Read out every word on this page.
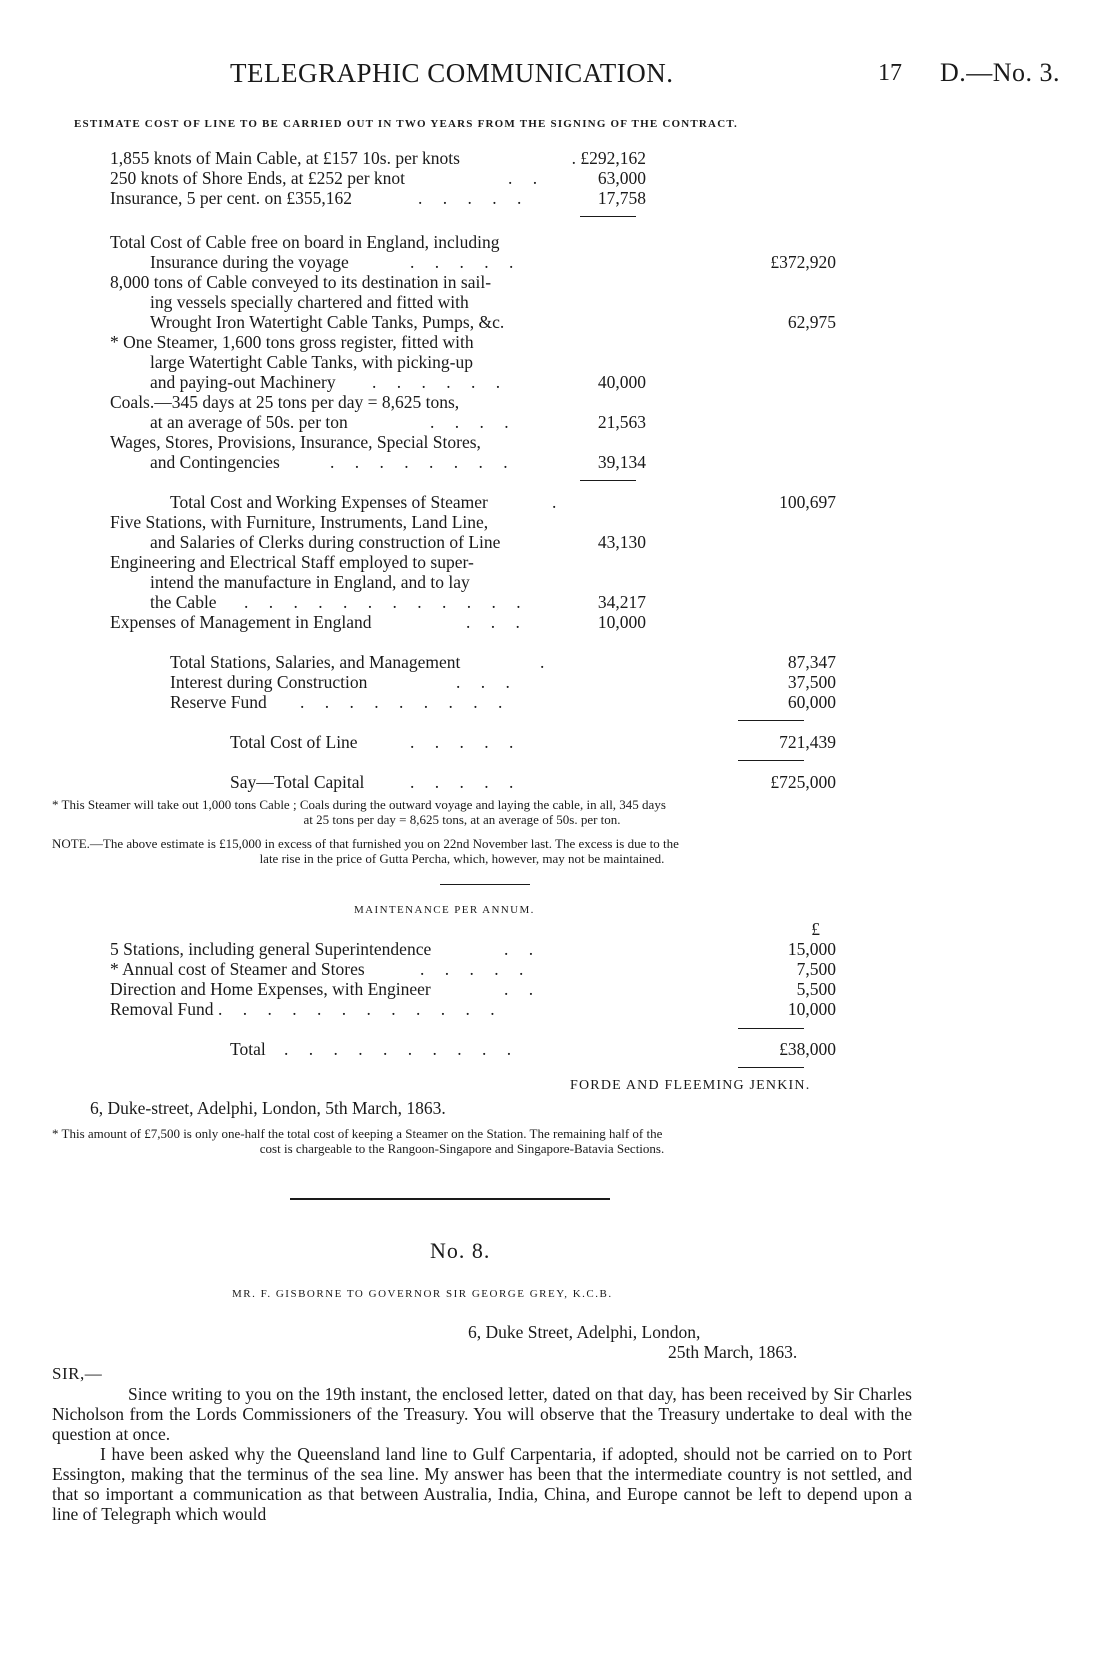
TELEGRAPHIC COMMUNICATION.	17 D.—No. 3.
ESTIMATE COST OF LINE TO BE CARRIED OUT IN TWO YEARS FROM THE SIGNING OF THE CONTRACT.
1,855 knots of Main Cable, at £157 10s. per knots	. £292,162
250 knots of Shore Ends, at £252 per knot	. .	63,000
Insurance, 5 per cent. on £355,162	. . . . .	17,758
Total Cost of Cable free on board in England, including
Insurance during the voyage	. . . . .	£372,920
8,000 tons of Cable conveyed to its destination in sail-
ing vessels specially chartered and fitted with
Wrought Iron Watertight Cable Tanks, Pumps, &c.	62,975
* One Steamer, 1,600 tons gross register, fitted with
large Watertight Cable Tanks, with picking-up
and paying-out Machinery . . . . . .	40,000
Coals.—345 days at 25 tons per day = 8,625 tons,
at an average of 50s. per ton	. . . .	21,563
Wages, Stores, Provisions, Insurance, Special Stores,
and Contingencies	. . . . . . . .	39,134
Total Cost and Working Expenses of Steamer	.	100,697
Five Stations, with Furniture, Instruments, Land Line,
and Salaries of Clerks during construction of Line	43,130
Engineering and Electrical Staff employed to super-
intend the manufacture in England, and to lay
the Cable . . . . . . . . . . . .	34,217
Expenses of Management in England	. . .	10,000
Total Stations, Salaries, and Management	.	87,347
Interest during Construction	. . .	37,500
Reserve Fund . . . . . . . . .	60,000
Total Cost of Line	. . . . .	721,439
Say—Total Capital	. . . . .	£725,000
* This Steamer will take out 1,000 tons Cable ; Coals during the outward voyage and laying the cable, in all, 345 days
at 25 tons per day = 8,625 tons, at an average of 50s. per ton.
NOTE.—The above estimate is £15,000 in excess of that furnished you on 22nd November last. The excess is due to the
late rise in the price of Gutta Percha, which, however, may not be maintained.
MAINTENANCE PER ANNUM.
£
5 Stations, including general Superintendence	. .	15,000
* Annual cost of Steamer and Stores	. . . . .	7,500
Direction and Home Expenses, with Engineer	. .	5,500
Removal Fund . . . . . . . . . . . .	10,000
Total . . . . . . . . . .	£38,000
FORDE AND FLEEMING JENKIN.
6, Duke-street, Adelphi, London, 5th March, 1863.
* This amount of £7,500 is only one-half the total cost of keeping a Steamer on the Station. The remaining half of the
cost is chargeable to the Rangoon-Singapore and Singapore-Batavia Sections.
No. 8.
MR. F. GISBORNE TO GOVERNOR SIR GEORGE GREY, K.C.B.
6, Duke Street, Adelphi, London,
25th March, 1863.
SIR,—
Since writing to you on the 19th instant, the enclosed letter, dated on that day, has been received by Sir Charles Nicholson from the Lords Commissioners of the Treasury. You will observe that the Treasury undertake to deal with the question at once.
I have been asked why the Queensland land line to Gulf Carpentaria, if adopted, should not be carried on to Port Essington, making that the terminus of the sea line. My answer has been that the intermediate country is not settled, and that so important a communication as that between Australia, India, China, and Europe cannot be left to depend upon a line of Telegraph which would
